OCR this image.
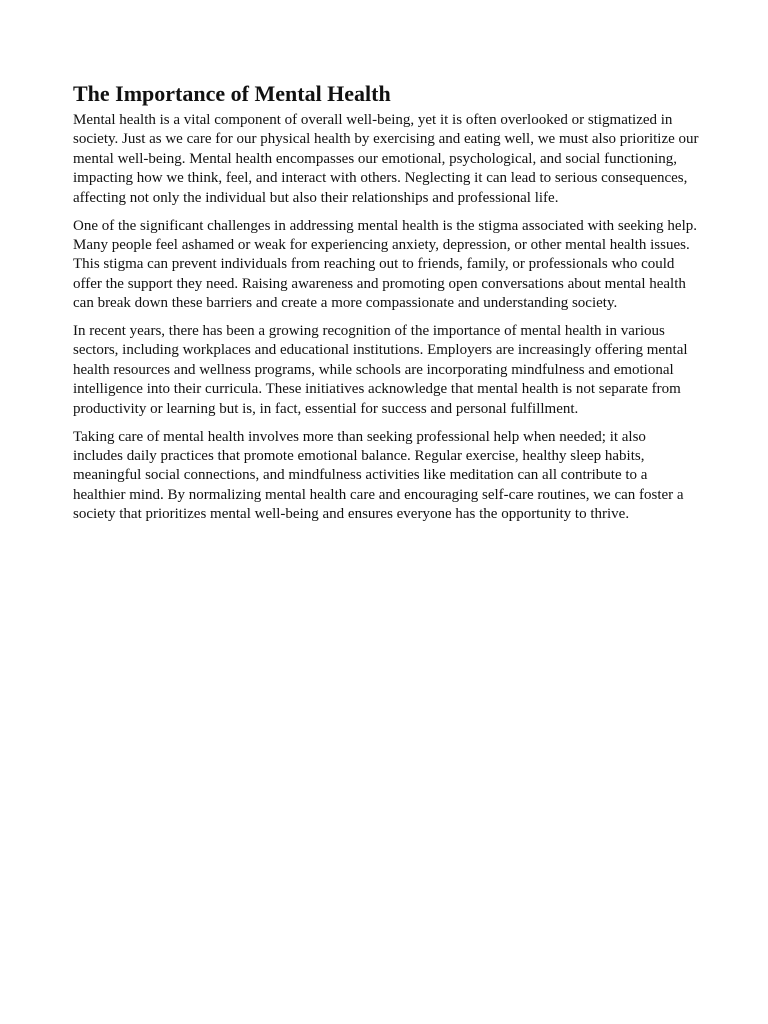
The Importance of Mental Health

Mental health is a vital component of overall well-being, yet it is often overlooked or stigmatized in society. Just as we care for our physical health by exercising and eating well, we must also prioritize our mental well-being. Mental health encompasses our emotional, psychological, and social functioning, impacting how we think, feel, and interact with others. Neglecting it can lead to serious consequences, affecting not only the individual but also their relationships and professional life.

One of the significant challenges in addressing mental health is the stigma associated with seeking help. Many people feel ashamed or weak for experiencing anxiety, depression, or other mental health issues. This stigma can prevent individuals from reaching out to friends, family, or professionals who could offer the support they need. Raising awareness and promoting open conversations about mental health can break down these barriers and create a more compassionate and understanding society.

In recent years, there has been a growing recognition of the importance of mental health in various sectors, including workplaces and educational institutions. Employers are increasingly offering mental health resources and wellness programs, while schools are incorporating mindfulness and emotional intelligence into their curricula. These initiatives acknowledge that mental health is not separate from productivity or learning but is, in fact, essential for success and personal fulfillment.

Taking care of mental health involves more than seeking professional help when needed; it also includes daily practices that promote emotional balance. Regular exercise, healthy sleep habits, meaningful social connections, and mindfulness activities like meditation can all contribute to a healthier mind. By normalizing mental health care and encouraging self-care routines, we can foster a society that prioritizes mental well-being and ensures everyone has the opportunity to thrive.
